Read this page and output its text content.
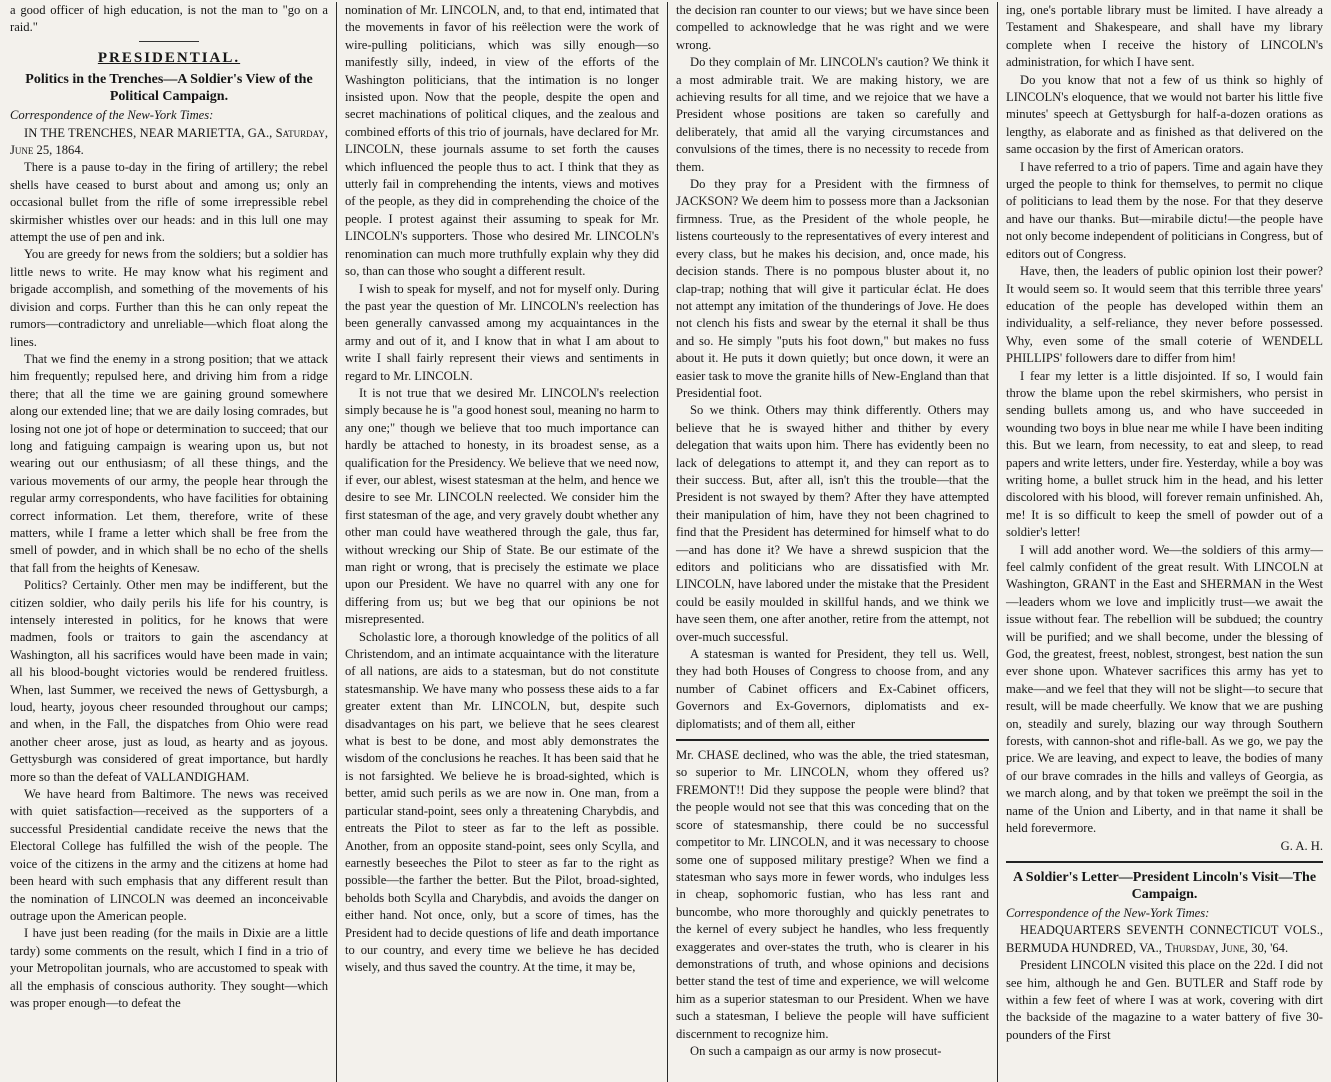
a good officer of high education, is not the man to "go on a raid."

PRESIDENTIAL.

Politics in the Trenches—A Soldier's View of the Political Campaign.

Correspondence of the New-York Times:

IN THE TRENCHES, NEAR MARIETTA, GA., Saturday, June 25, 1864.

There is a pause to-day in the firing of artillery; the rebel shells have ceased to burst about and among us; only an occasional bullet from the rifle of some irrepressible rebel skirmisher whistles over our heads: and in this lull one may attempt the use of pen and ink.

You are greedy for news from the soldiers; but a soldier has little news to write. He may know what his regiment and brigade accomplish, and something of the movements of his division and corps. Further than this he can only repeat the rumors—contradictory and unreliable—which float along the lines.

That we find the enemy in a strong position; that we attack him frequently; repulsed here, and driving him from a ridge there; that all the time we are gaining ground somewhere along our extended line; that we are daily losing comrades, but losing not one jot of hope or determination to succeed; that our long and fatiguing campaign is wearing upon us, but not wearing out our enthusiasm; of all these things, and the various movements of our army, the people hear through the regular army correspondents, who have facilities for obtaining correct information. Let them, therefore, write of these matters, while I frame a letter which shall be free from the smell of powder, and in which shall be no echo of the shells that fall from the heights of Kenesaw.

Politics? Certainly. Other men may be indifferent, but the citizen soldier, who daily perils his life for his country, is intensely interested in politics, for he knows that were madmen, fools or traitors to gain the ascendancy at Washington, all his sacrifices would have been made in vain; all his blood-bought victories would be rendered fruitless. When, last Summer, we received the news of Gettysburgh, a loud, hearty, joyous cheer resounded throughout our camps; and when, in the Fall, the dispatches from Ohio were read another cheer arose, just as loud, as hearty and as joyous. Gettysburgh was considered of great importance, but hardly more so than the defeat of VALLANDIGHAM.

We have heard from Baltimore. The news was received with quiet satisfaction—received as the supporters of a successful Presidential candidate receive the news that the Electoral College has fulfilled the wish of the people. The voice of the citizens in the army and the citizens at home had been heard with such emphasis that any different result than the nomination of LINCOLN was deemed an inconceivable outrage upon the American people.

I have just been reading (for the mails in Dixie are a little tardy) some comments on the result, which I find in a trio of your Metropolitan journals, who are accustomed to speak with all the emphasis of conscious authority. They sought—which was proper enough—to defeat the

nomination of Mr. LINCOLN, and, to that end, intimated that the movements in favor of his reëlection were the work of wire-pulling politicians, which was silly enough—so manifestly silly, indeed, in view of the efforts of the Washington politicians, that the intimation is no longer insisted upon. Now that the people, despite the open and secret machinations of political cliques, and the zealous and combined efforts of this trio of journals, have declared for Mr. LINCOLN, these journals assume to set forth the causes which influenced the people thus to act. I think that they as utterly fail in comprehending the intents, views and motives of the people, as they did in comprehending the choice of the people. I protest against their assuming to speak for Mr. LINCOLN's supporters. Those who desired Mr. LINCOLN's renomination can much more truthfully explain why they did so, than can those who sought a different result.

I wish to speak for myself, and not for myself only. During the past year the question of Mr. LINCOLN's reelection has been generally canvassed among my acquaintances in the army and out of it, and I know that in what I am about to write I shall fairly represent their views and sentiments in regard to Mr. LINCOLN.

It is not true that we desired Mr. LINCOLN's reelection simply because he is "a good honest soul, meaning no harm to any one;" though we believe that too much importance can hardly be attached to honesty, in its broadest sense, as a qualification for the Presidency. We believe that we need now, if ever, our ablest, wisest statesman at the helm, and hence we desire to see Mr. LINCOLN reelected. We consider him the first statesman of the age, and very gravely doubt whether any other man could have weathered through the gale, thus far, without wrecking our Ship of State. Be our estimate of the man right or wrong, that is precisely the estimate we place upon our President. We have no quarrel with any one for differing from us; but we beg that our opinions be not misrepresented.

Scholastic lore, a thorough knowledge of the politics of all Christendom, and an intimate acquaintance with the literature of all nations, are aids to a statesman, but do not constitute statesmanship. We have many who possess these aids to a far greater extent than Mr. LINCOLN, but, despite such disadvantages on his part, we believe that he sees clearest what is best to be done, and most ably demonstrates the wisdom of the conclusions he reaches. It has been said that he is not farsighted. We believe he is broad-sighted, which is better, amid such perils as we are now in. One man, from a particular stand-point, sees only a threatening Charybdis, and entreats the Pilot to steer as far to the left as possible. Another, from an opposite stand-point, sees only Scylla, and earnestly beseeches the Pilot to steer as far to the right as possible—the farther the better. But the Pilot, broad-sighted, beholds both Scylla and Charybdis, and avoids the danger on either hand. Not once, only, but a score of times, has the President had to decide questions of life and death importance to our country, and every time we believe he has decided wisely, and thus saved the country. At the time, it may be,

the decision ran counter to our views; but we have since been compelled to acknowledge that he was right and we were wrong.

Do they complain of Mr. LINCOLN's caution? We think it a most admirable trait. We are making history, we are achieving results for all time, and we rejoice that we have a President whose positions are taken so carefully and deliberately, that amid all the varying circumstances and convulsions of the times, there is no necessity to recede from them.

Do they pray for a President with the firmness of JACKSON? We deem him to possess more than a Jacksonian firmness. True, as the President of the whole people, he listens courteously to the representatives of every interest and every class, but he makes his decision, and, once made, his decision stands. There is no pompous bluster about it, no clap-trap; nothing that will give it particular éclat. He does not attempt any imitation of the thunderings of Jove. He does not clench his fists and swear by the eternal it shall be thus and so. He simply "puts his foot down," but makes no fuss about it. He puts it down quietly; but once down, it were an easier task to move the granite hills of New-England than that Presidential foot.

So we think. Others may think differently. Others may believe that he is swayed hither and thither by every delegation that waits upon him. There has evidently been no lack of delegations to attempt it, and they can report as to their success. But, after all, isn't this the trouble—that the President is not swayed by them? After they have attempted their manipulation of him, have they not been chagrined to find that the President has determined for himself what to do—and has done it? We have a shrewd suspicion that the editors and politicians who are dissatisfied with Mr. LINCOLN, have labored under the mistake that the President could be easily moulded in skillful hands, and we think we have seen them, one after another, retire from the attempt, not over-much successful.

A statesman is wanted for President, they tell us. Well, they had both Houses of Congress to choose from, and any number of Cabinet officers and Ex-Cabinet officers, Governors and Ex-Governors, diplomatists and ex-diplomatists; and of them all, either

Mr. CHASE declined, who was the able, the tried statesman, so superior to Mr. LINCOLN, whom they offered us? FREMONT!! Did they suppose the people were blind? that the people would not see that this was conceding that on the score of statesmanship, there could be no successful competitor to Mr. LINCOLN, and it was necessary to choose some one of supposed military prestige? When we find a statesman who says more in fewer words, who indulges less in cheap, sophomoric fustian, who has less rant and buncombe, who more thoroughly and quickly penetrates to the kernel of every subject he handles, who less frequently exaggerates and over-states the truth, who is clearer in his demonstrations of truth, and whose opinions and decisions better stand the test of time and experience, we will welcome him as a superior statesman to our President. When we have such a statesman, I believe the people will have sufficient discernment to recognize him.

On such a campaign as our army is now prosecut-

ing, one's portable library must be limited. I have already a Testament and Shakespeare, and shall have my library complete when I receive the history of LINCOLN's administration, for which I have sent.

Do you know that not a few of us think so highly of LINCOLN's eloquence, that we would not barter his little five minutes' speech at Gettysburgh for half-a-dozen orations as lengthy, as elaborate and as finished as that delivered on the same occasion by the first of American orators.

I have referred to a trio of papers. Time and again have they urged the people to think for themselves, to permit no clique of politicians to lead them by the nose. For that they deserve and have our thanks. But—mirabile dictu!—the people have not only become independent of politicians in Congress, but of editors out of Congress.

Have, then, the leaders of public opinion lost their power? It would seem so. It would seem that this terrible three years' education of the people has developed within them an individuality, a self-reliance, they never before possessed. Why, even some of the small coterie of WENDELL PHILLIPS' followers dare to differ from him!

I fear my letter is a little disjointed. If so, I would fain throw the blame upon the rebel skirmishers, who persist in sending bullets among us, and who have succeeded in wounding two boys in blue near me while I have been inditing this. But we learn, from necessity, to eat and sleep, to read papers and write letters, under fire. Yesterday, while a boy was writing home, a bullet struck him in the head, and his letter discolored with his blood, will forever remain unfinished. Ah, me! It is so difficult to keep the smell of powder out of a soldier's letter!

I will add another word. We—the soldiers of this army—feel calmly confident of the great result. With LINCOLN at Washington, GRANT in the East and SHERMAN in the West—leaders whom we love and implicitly trust—we await the issue without fear. The rebellion will be subdued; the country will be purified; and we shall become, under the blessing of God, the greatest, freest, noblest, strongest, best nation the sun ever shone upon. Whatever sacrifices this army has yet to make—and we feel that they will not be slight—to secure that result, will be made cheerfully. We know that we are pushing on, steadily and surely, blazing our way through Southern forests, with cannon-shot and rifle-ball. As we go, we pay the price. We are leaving, and expect to leave, the bodies of many of our brave comrades in the hills and valleys of Georgia, as we march along, and by that token we preëmpt the soil in the name of the Union and Liberty, and in that name it shall be held forevermore.

G. A. H.

A Soldier's Letter—President Lincoln's Visit—The Campaign.

Correspondence of the New-York Times:

HEADQUARTERS SEVENTH CONNECTICUT VOLS., BERMUDA HUNDRED, VA., Thursday, June, 30, '64.

President LINCOLN visited this place on the 22d. I did not see him, although he and Gen. BUTLER and Staff rode by within a few feet of where I was at work, covering with dirt the backside of the magazine to a water battery of five 30-pounders of the First
